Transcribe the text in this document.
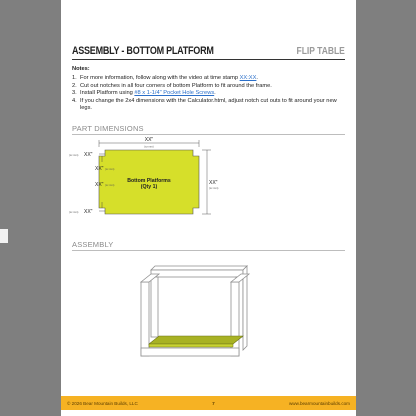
ASSEMBLY - BOTTOM PLATFORM	FLIP TABLE
Notes:
1. For more information, follow along with the video at time stamp XX:XX.
2. Cut out notches in all four corners of bottom Platform to fit around the frame.
3. Install Platform using #8 x 1-1/4" Pocket Hole Screws.
4. If you change the 2x4 dimensions with the Calculator.html, adjust notch cut outs to fit around your new legs.
PART DIMENSIONS
XX"
(xx mm)
XX"
(xx mm)
XX"
(xx mm)
XX" (xx mm)
XX" (xx mm)
XX"
(xx mm)
Bottom Platforms
(Qty 1)
ASSEMBLY
© 2026 Bear Mountain Builds, LLC	7	www.bearmountainbuilds.com
